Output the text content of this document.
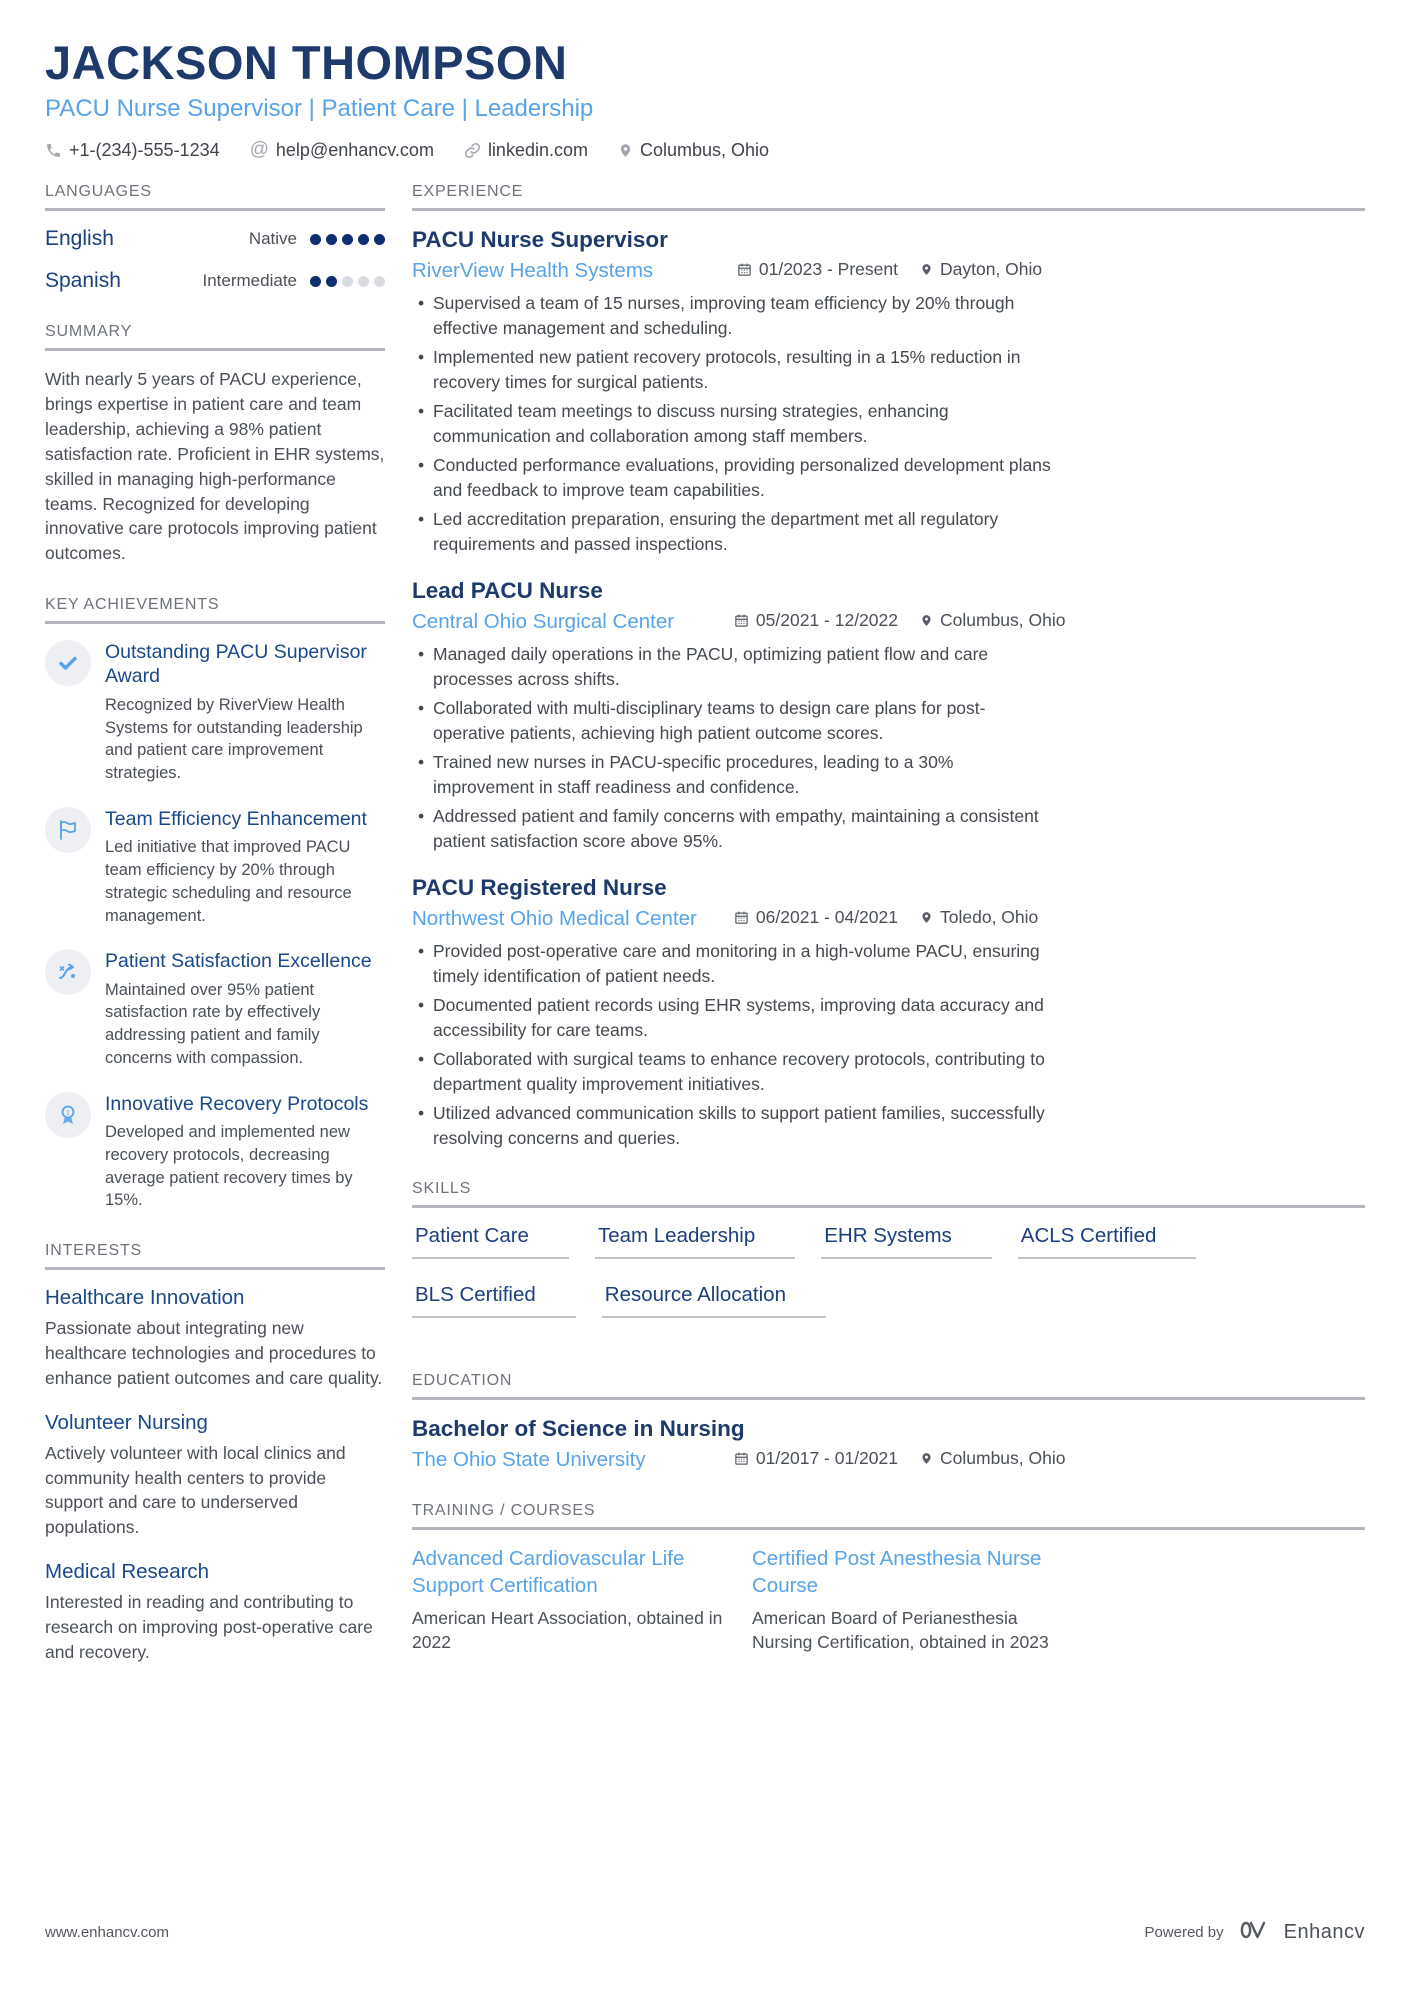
JACKSON THOMPSON
PACU Nurse Supervisor | Patient Care | Leadership
+1-(234)-555-1234 @ help@enhancv.com	linkedin.com	Columbus, Ohio
LANGUAGES
English	Native
Spanish	Intermediate
SUMMARY

With nearly 5 years of PACU experience, brings expertise in patient care and team leadership, achieving a 98% patient satisfaction rate. Proficient in EHR systems, skilled in managing high-performance teams. Recognized for developing innovative care protocols improving patient outcomes.

KEY ACHIEVEMENTS
Outstanding PACU Supervisor Award
Recognized by RiverView Health Systems for outstanding leadership and patient care improvement strategies.
Team Efficiency Enhancement
Led initiative that improved PACU team efficiency by 20% through strategic scheduling and resource management.
Patient Satisfaction Excellence
Maintained over 95% patient satisfaction rate by effectively addressing patient and family concerns with compassion.
1 Innovative Recovery Protocols
Developed and implemented new recovery protocols, decreasing average patient recovery times by 15%.
INTERESTS
Healthcare Innovation
Passionate about integrating new healthcare technologies and procedures to enhance patient outcomes and care quality.
Volunteer Nursing
Actively volunteer with local clinics and community health centers to provide support and care to underserved populations.
Medical Research
Interested in reading and contributing to research on improving post-operative care and recovery.
EXPERIENCE
PACU Nurse Supervisor
RiverView Health Systems	01/2023 - Present Dayton, Ohio
• Supervised a team of 15 nurses, improving team efficiency by 20% through effective management and scheduling.
• Implemented new patient recovery protocols, resulting in a 15% reduction in recovery times for surgical patients.
• Facilitated team meetings to discuss nursing strategies, enhancing communication and collaboration among staff members.
• Conducted performance evaluations, providing personalized development plans and feedback to improve team capabilities.
• Led accreditation preparation, ensuring the department met all regulatory requirements and passed inspections.
Lead PACU Nurse
Central Ohio Surgical Center	05/2021 - 12/2022 Columbus, Ohio
• Managed daily operations in the PACU, optimizing patient flow and care processes across shifts.
• Collaborated with multi-disciplinary teams to design care plans for post-operative patients, achieving high patient outcome scores.
• Trained new nurses in PACU-specific procedures, leading to a 30% improvement in staff readiness and confidence.
• Addressed patient and family concerns with empathy, maintaining a consistent patient satisfaction score above 95%.
PACU Registered Nurse
Northwest Ohio Medical Center	06/2021 - 04/2021 Toledo, Ohio
• Provided post-operative care and monitoring in a high-volume PACU, ensuring timely identification of patient needs.
• Documented patient records using EHR systems, improving data accuracy and accessibility for care teams.
• Collaborated with surgical teams to enhance recovery protocols, contributing to department quality improvement initiatives.
• Utilized advanced communication skills to support patient families, successfully resolving concerns and queries.
SKILLS
Patient Care	Team Leadership	EHR Systems	ACLS Certified
BLS Certified	Resource Allocation
EDUCATION
Bachelor of Science in Nursing
The Ohio State University	01/2017 - 01/2021 Columbus, Ohio
TRAINING / COURSES
Advanced Cardiovascular Life Support Certification
American Heart Association, obtained in 2022
Certified Post Anesthesia Nurse Course
American Board of Perianesthesia Nursing Certification, obtained in 2023
www.enhancv.com	Powered by	Enhancv
